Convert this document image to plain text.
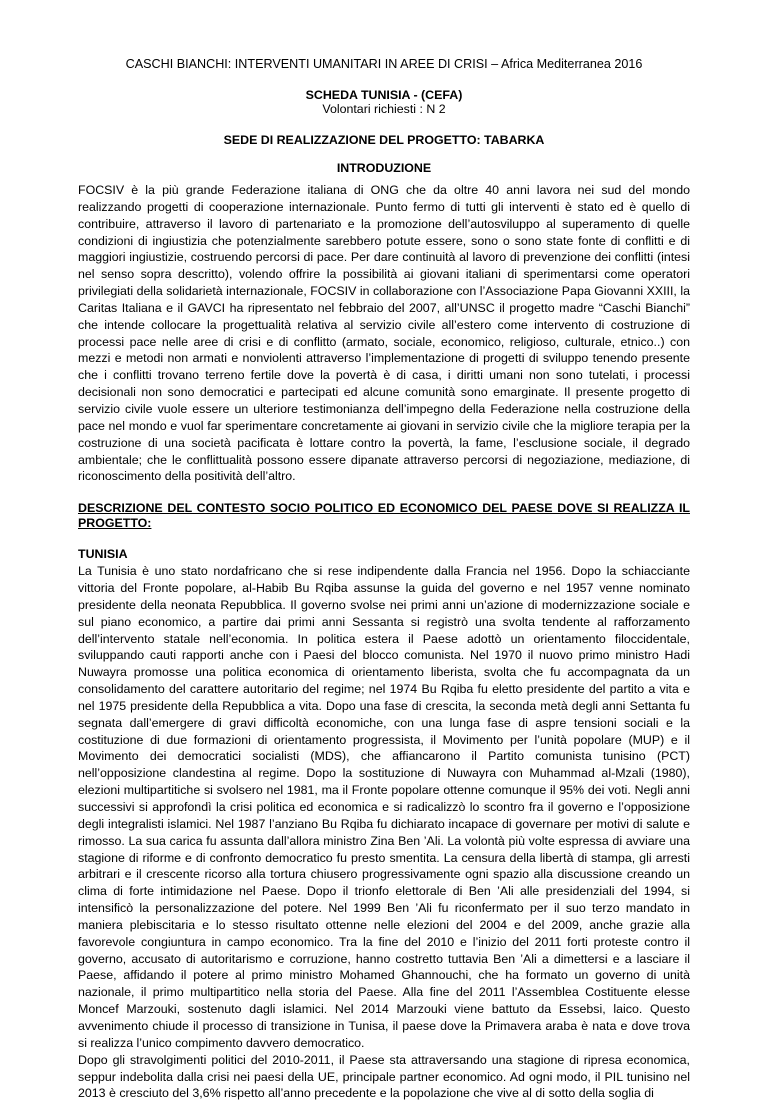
CASCHI BIANCHI: INTERVENTI UMANITARI IN AREE DI CRISI – Africa Mediterranea 2016
SCHEDA TUNISIA - (CEFA)
Volontari richiesti : N 2
SEDE DI REALIZZAZIONE DEL PROGETTO: TABARKA
INTRODUZIONE

FOCSIV è la più grande Federazione italiana di ONG che da oltre 40 anni lavora nei sud del mondo realizzando progetti di cooperazione internazionale. Punto fermo di tutti gli interventi è stato ed è quello di contribuire, attraverso il lavoro di partenariato e la promozione dell’autosviluppo al superamento di quelle condizioni di ingiustizia che potenzialmente sarebbero potute essere, sono o sono state fonte di conflitti e di maggiori ingiustizie, costruendo percorsi di pace. Per dare continuità al lavoro di prevenzione dei conflitti (intesi nel senso sopra descritto), volendo offrire la possibilità ai giovani italiani di sperimentarsi come operatori privilegiati della solidarietà internazionale, FOCSIV in collaborazione con l’Associazione Papa Giovanni XXIII, la Caritas Italiana e il GAVCI ha ripresentato nel febbraio del 2007, all’UNSC il progetto madre “Caschi Bianchi” che intende collocare la progettualità relativa al servizio civile all’estero come intervento di costruzione di processi pace nelle aree di crisi e di conflitto (armato, sociale, economico, religioso, culturale, etnico..) con mezzi e metodi non armati e nonviolenti attraverso l’implementazione di progetti di sviluppo tenendo presente che i conflitti trovano terreno fertile dove la povertà è di casa, i diritti umani non sono tutelati, i processi decisionali non sono democratici e partecipati ed alcune comunità sono emarginate. Il presente progetto di servizio civile vuole essere un ulteriore testimonianza dell’impegno della Federazione nella costruzione della pace nel mondo e vuol far sperimentare concretamente ai giovani in servizio civile che la migliore terapia per la costruzione di una società pacificata è lottare contro la povertà, la fame, l’esclusione sociale, il degrado ambientale; che le conflittualità possono essere dipanate attraverso percorsi di negoziazione, mediazione, di riconoscimento della positività dell’altro.

DESCRIZIONE DEL CONTESTO SOCIO POLITICO ED ECONOMICO DEL PAESE DOVE SI REALIZZA IL PROGETTO:
TUNISIA

La Tunisia è uno stato nordafricano che si rese indipendente dalla Francia nel 1956. Dopo la schiacciante vittoria del Fronte popolare, al-Habib Bu Rqiba assunse la guida del governo e nel 1957 venne nominato presidente della neonata Repubblica. Il governo svolse nei primi anni un’azione di modernizzazione sociale e sul piano economico, a partire dai primi anni Sessanta si registrò una svolta tendente al rafforzamento dell’intervento statale nell’economia. In politica estera il Paese adottò un orientamento filoccidentale, sviluppando cauti rapporti anche con i Paesi del blocco comunista. Nel 1970 il nuovo primo ministro Hadi Nuwayra promosse una politica economica di orientamento liberista, svolta che fu accompagnata da un consolidamento del carattere autoritario del regime; nel 1974 Bu Rqiba fu eletto presidente del partito a vita e nel 1975 presidente della Repubblica a vita. Dopo una fase di crescita, la seconda metà degli anni Settanta fu segnata dall’emergere di gravi difficoltà economiche, con una lunga fase di aspre tensioni sociali e la costituzione di due formazioni di orientamento progressista, il Movimento per l’unità popolare (MUP) e il Movimento dei democratici socialisti (MDS), che affiancarono il Partito comunista tunisino (PCT) nell’opposizione clandestina al regime. Dopo la sostituzione di Nuwayra con Muhammad al-Mzali (1980), elezioni multipartitiche si svolsero nel 1981, ma il Fronte popolare ottenne comunque il 95% dei voti. Negli anni successivi si approfondì la crisi politica ed economica e si radicalizzò lo scontro fra il governo e l’opposizione degli integralisti islamici. Nel 1987 l’anziano Bu Rqiba fu dichiarato incapace di governare per motivi di salute e rimosso. La sua carica fu assunta dall’allora ministro Zina Ben ’Ali. La volontà più volte espressa di avviare una stagione di riforme e di confronto democratico fu presto smentita. La censura della libertà di stampa, gli arresti arbitrari e il crescente ricorso alla tortura chiusero progressivamente ogni spazio alla discussione creando un clima di forte intimidazione nel Paese. Dopo il trionfo elettorale di Ben ’Ali alle presidenziali del 1994, si intensificò la personalizzazione del potere. Nel 1999 Ben ’Ali fu riconfermato per il suo terzo mandato in maniera plebiscitaria e lo stesso risultato ottenne nelle elezioni del 2004 e del 2009, anche grazie alla favorevole congiuntura in campo economico. Tra la fine del 2010 e l’inizio del 2011 forti proteste contro il governo, accusato di autoritarismo e corruzione, hanno costretto tuttavia Ben ’Ali a dimettersi e a lasciare il Paese, affidando il potere al primo ministro Mohamed Ghannouchi, che ha formato un governo di unità nazionale, il primo multipartitico nella storia del Paese. Alla fine del 2011 l’Assemblea Costituente elesse Moncef Marzouki, sostenuto dagli islamici. Nel 2014 Marzouki viene battuto da Essebsi, laico. Questo avvenimento chiude il processo di transizione in Tunisa, il paese dove la Primavera araba è nata e dove trova si realizza l’unico compimento davvero democratico.

Dopo gli stravolgimenti politici del 2010-2011, il Paese sta attraversando una stagione di ripresa economica, seppur indebolita dalla crisi nei paesi della UE, principale partner economico. Ad ogni modo, il PIL tunisino nel 2013 è cresciuto del 3,6% rispetto all’anno precedente e la popolazione che vive al di sotto della soglia di
